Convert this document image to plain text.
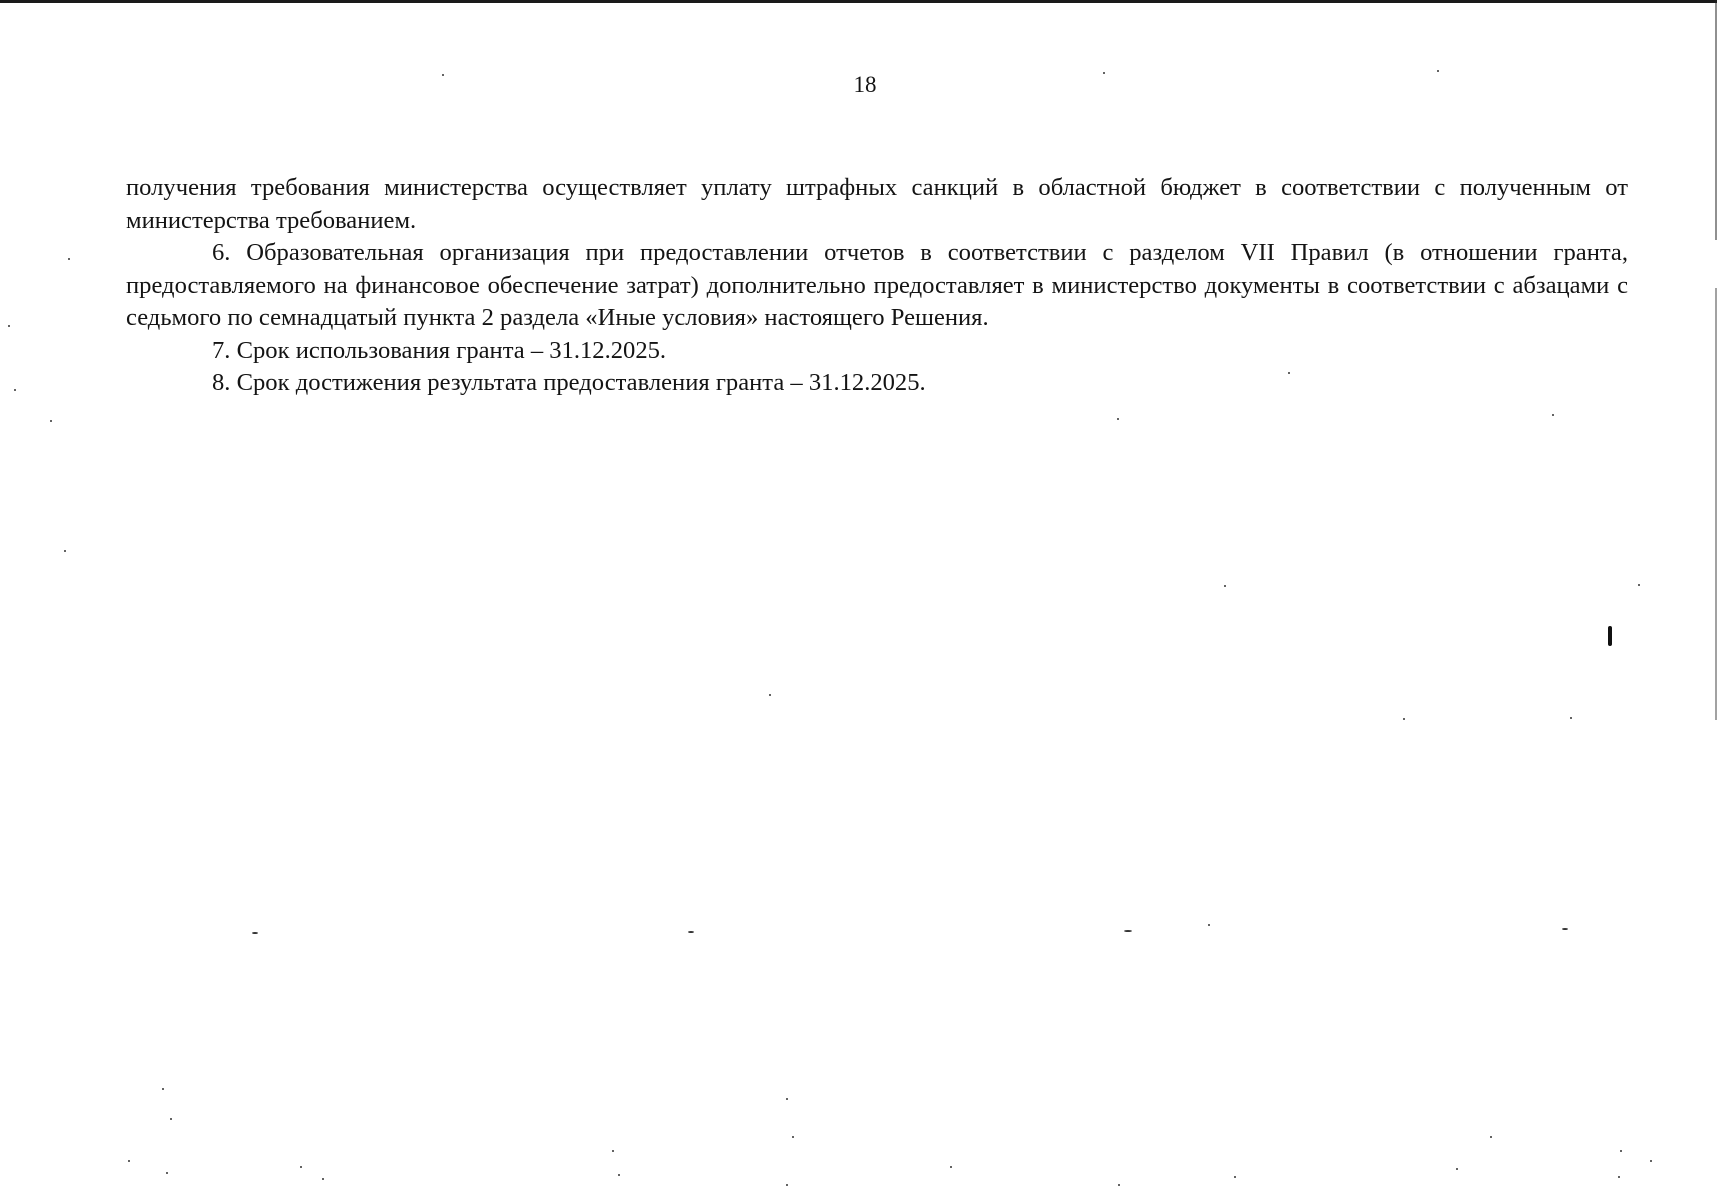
18

получения требования министерства осуществляет уплату штрафных санкций в областной бюджет в соответствии с полученным от министерства требованием.

6. Образовательная организация при предоставлении отчетов в соответствии с разделом VII Правил (в отношении гранта, предоставляемого на финансовое обеспечение затрат) дополнительно предоставляет в министерство документы в соответствии с абзацами с седьмого по семнадцатый пункта 2 раздела «Иные условия» настоящего Решения.

7. Срок использования гранта – 31.12.2025.

8. Срок достижения результата предоставления гранта – 31.12.2025.
